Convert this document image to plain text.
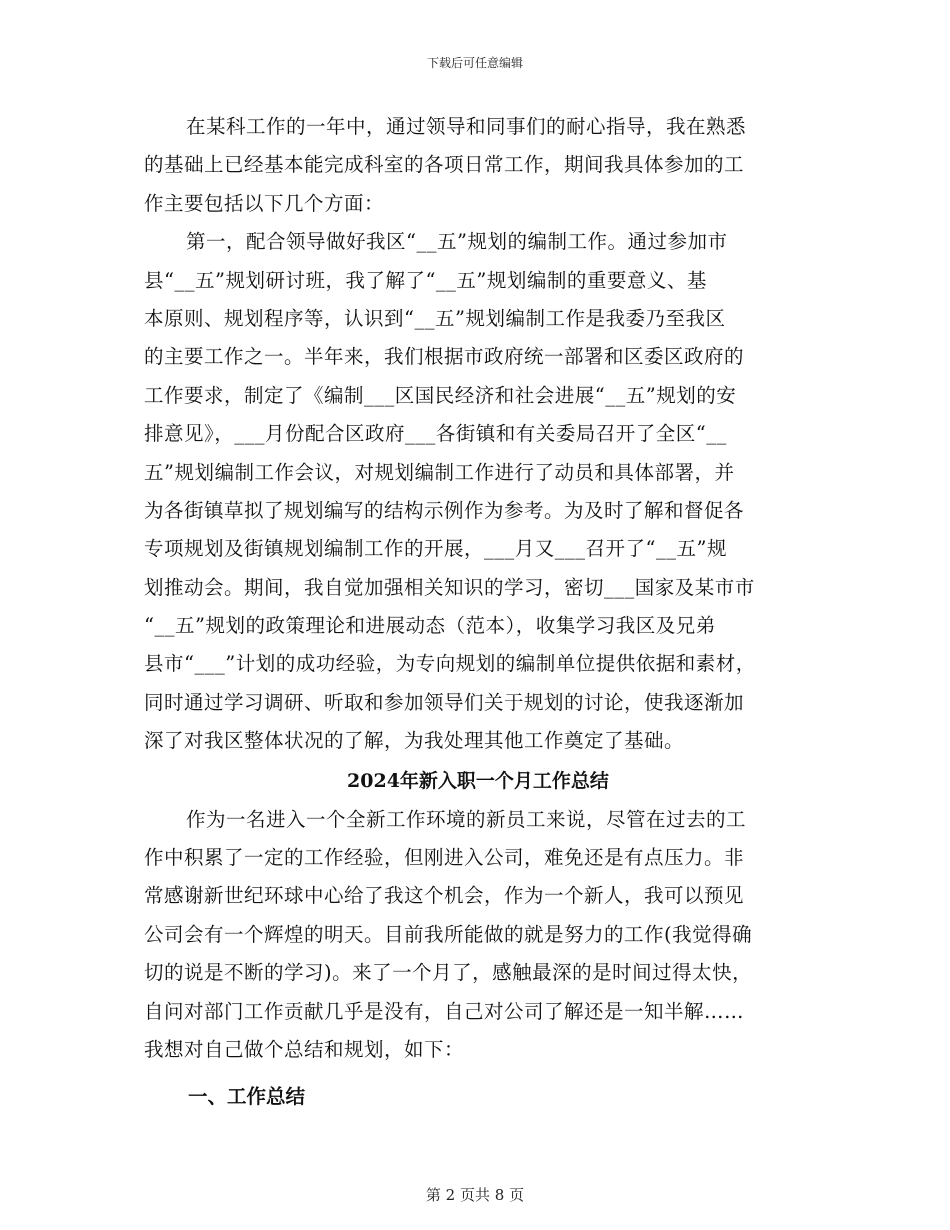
下载后可任意编辑
在某科工作的一年中，通过领导和同事们的耐心指导，我在熟悉
的基础上已经基本能完成科室的各项日常工作，期间我具体参加的工
作主要包括以下几个方面：
第一，配合领导做好我区“__五”规划的编制工作。通过参加市
县“__五”规划研讨班，我了解了“__五”规划编制的重要意义、基
本原则、规划程序等，认识到“__五”规划编制工作是我委乃至我区
的主要工作之一。半年来，我们根据市政府统一部署和区委区政府的
工作要求，制定了《编制___区国民经济和社会进展“__五”规划的安
排意见》，___月份配合区政府___各街镇和有关委局召开了全区“__
五”规划编制工作会议，对规划编制工作进行了动员和具体部署，并
为各街镇草拟了规划编写的结构示例作为参考。为及时了解和督促各
专项规划及街镇规划编制工作的开展，___月又___召开了“__五”规
划推动会。期间，我自觉加强相关知识的学习，密切___国家及某市市
“__五”规划的政策理论和进展动态（范本），收集学习我区及兄弟
县市“___”计划的成功经验，为专向规划的编制单位提供依据和素材，
同时通过学习调研、听取和参加领导们关于规划的讨论，使我逐渐加
深了对我区整体状况的了解，为我处理其他工作奠定了基础。
2024年新入职一个月工作总结
作为一名进入一个全新工作环境的新员工来说，尽管在过去的工
作中积累了一定的工作经验，但刚进入公司，难免还是有点压力。非
常感谢新世纪环球中心给了我这个机会，作为一个新人，我可以预见
公司会有一个辉煌的明天。目前我所能做的就是努力的工作(我觉得确
切的说是不断的学习)。来了一个月了，感触最深的是时间过得太快，
自问对部门工作贡献几乎是没有，自己对公司了解还是一知半解……
我想对自己做个总结和规划，如下：
一、工作总结
第 2 页共 8 页
